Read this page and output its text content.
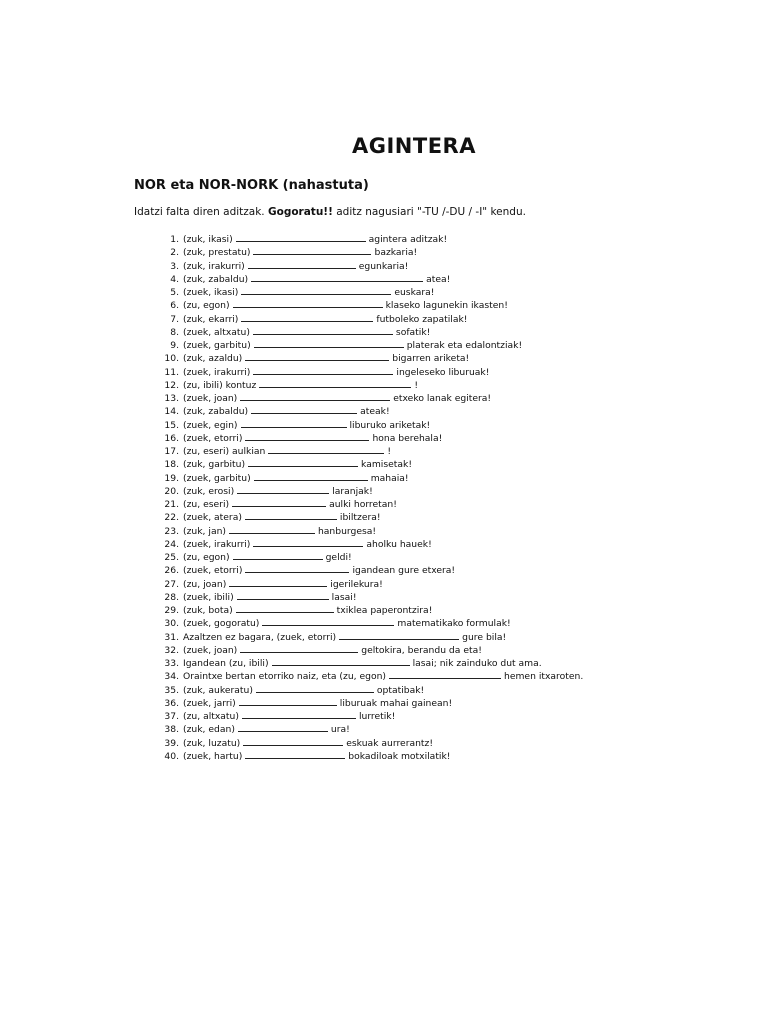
AGINTERA
NOR eta NOR-NORK (nahastuta)
Idatzi falta diren aditzak. Gogoratu!! aditz nagusiari "-TU /-DU / -I" kendu.
1. (zuk, ikasi)	agintera aditzak!
2. (zuk, prestatu)	bazkaria!
3. (zuk, irakurri)	egunkaria!
4. (zuk, zabaldu)	atea!
5. (zuek, ikasi)	euskara!
6. (zu, egon)	klaseko lagunekin ikasten!
7. (zuk, ekarri)	futboleko zapatilak!
8. (zuek, altxatu)	sofatik!
9. (zuek, garbitu)	platerak eta edalontziak!
10. (zuk, azaldu)	bigarren ariketa!
11. (zuek, irakurri)	ingeleseko liburuak!
12. (zu, ibili) kontuz	!
13. (zuek, joan)	etxeko lanak egitera!
14. (zuk, zabaldu)	ateak!
15. (zuek, egin)	liburuko ariketak!
16. (zuek, etorri)	hona berehala!
17. (zu, eseri) aulkian	!
18. (zuk, garbitu)	kamisetak!
19. (zuek, garbitu)	mahaia!
20. (zuk, erosi)	laranjak!
21. (zu, eseri)	aulki horretan!
22. (zuek, atera)	ibiltzera!
23. (zuk, jan)	hanburgesa!
24. (zuek, irakurri)	aholku hauek!
25. (zu, egon)	geldi!
26. (zuek, etorri)	igandean gure etxera!
27. (zu, joan)	igerilekura!
28. (zuek, ibili)	lasai!
29. (zuk, bota)	txiklea paperontzira!
30. (zuek, gogoratu)	matematikako formulak!
31. Azaltzen ez bagara, (zuek, etorri)	gure bila!
32. (zuek, joan)	geltokira, berandu da eta!
33. Igandean (zu, ibili)	lasai; nik zainduko dut ama.
34. Oraintxe bertan etorriko naiz, eta (zu, egon)	hemen itxaroten.
35. (zuk, aukeratu)	optatibak!
36. (zuek, jarri)	liburuak mahai gainean!
37. (zu, altxatu)	lurretik!
38. (zuk, edan)	ura!
39. (zuk, luzatu)	eskuak aurrerantz!
40. (zuek, hartu)	bokadiloak motxilatik!
